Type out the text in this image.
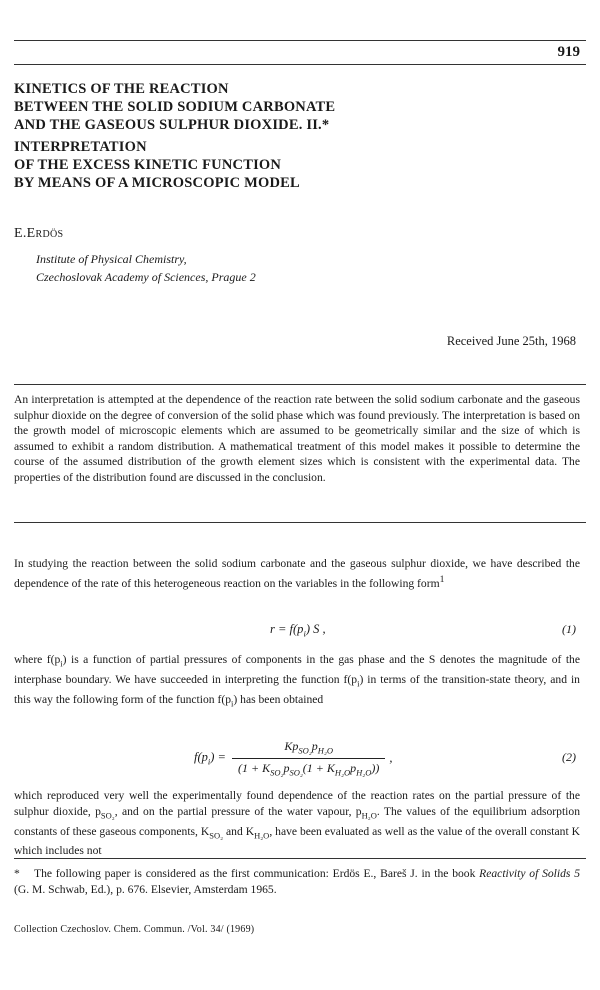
919
KINETICS OF THE REACTION
BETWEEN THE SOLID SODIUM CARBONATE
AND THE GASEOUS SULPHUR DIOXIDE. II.*
INTERPRETATION
OF THE EXCESS KINETIC FUNCTION
BY MEANS OF A MICROSCOPIC MODEL
E.Erdös
Institute of Physical Chemistry,
Czechoslovak Academy of Sciences, Prague 2
Received June 25th, 1968

An interpretation is attempted at the dependence of the reaction rate between the solid sodium carbonate and the gaseous sulphur dioxide on the degree of conversion of the solid phase which was found previously. The interpretation is based on the growth model of microscopic elements which are assumed to be geometrically similar and the size of which is assumed to exhibit a random distribution. A mathematical treatment of this model makes it possible to determine the course of the assumed distribution of the growth element sizes which is consistent with the experimental data. The properties of the distribution found are discussed in the conclusion.

In studying the reaction between the solid sodium carbonate and the gaseous sulphur dioxide, we have described the dependence of the rate of this heterogeneous reaction on the variables in the following form$^1$

$r = f(p_i)$ S ,	(1)

where $f(p_i)$ is a function of partial pressures of components in the gas phase and the S denotes the magnitude of the interphase boundary. We have succeeded in interpreting the function $f(p_i)$ in terms of the transition-state theory, and in this way the following form of the function $f(p_i)$ has been obtained

$f(p_i) = \frac{Kp_{SO_2}p_{H_2O}}{(1 + K_{SO_2}p_{SO_2}(1 + K_{H_2O}p_{H_2O}))}$ ,	(2)

which reproduced very well the experimentally found dependence of the reaction rates on the partial pressure of the sulphur dioxide, $p_{SO_2}$, and on the partial pressure of the water vapour, $p_{H_2O}$. The values of the equilibrium adsorption constants of these gaseous components, $K_{SO_2}$ and $K_{H_2O}$, have been evaluated as well as the value of the overall constant K which includes not

* The following paper is considered as the first communication: Erdös E., Bareš J. in the book Reactivity of Solids 5 (G. M. Schwab, Ed.), p. 676. Elsevier, Amsterdam 1965.

Collection Czechoslov. Chem. Commun. /Vol. 34/ (1969)
